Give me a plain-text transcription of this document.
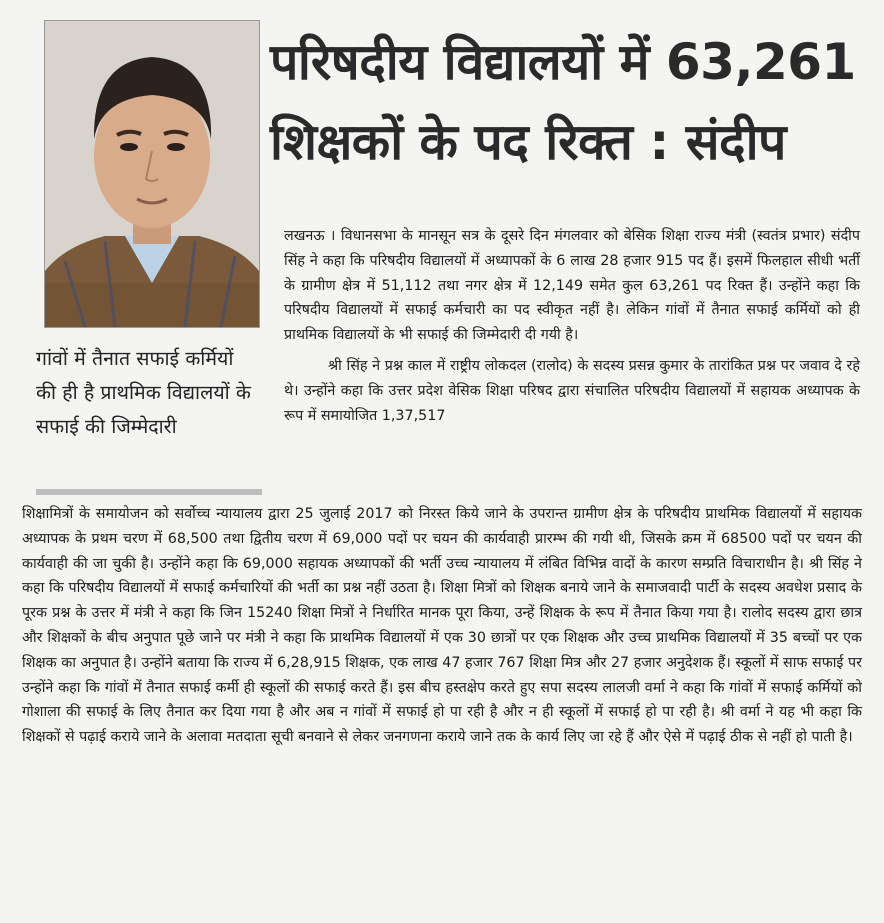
गांवों में तैनात सफाई कर्मियों की ही है प्राथमिक विद्यालयों के सफाई की जिम्मेदारी
परिषदीय विद्यालयों में 63,261
शिक्षकों के पद रिक्त : संदीप

लखनऊ । विधानसभा के मानसून सत्र के दूसरे दिन मंगलवार को बेसिक शिक्षा राज्य मंत्री (स्वतंत्र प्रभार) संदीप सिंह ने कहा कि परिषदीय विद्यालयों में अध्यापकों के 6 लाख 28 हजार 915 पद हैं। इसमें फिलहाल सीधी भर्ती के ग्रामीण क्षेत्र में 51,112 तथा नगर क्षेत्र में 12,149 समेत कुल 63,261 पद रिक्त हैं। उन्होंने कहा कि परिषदीय विद्यालयों में सफाई कर्मचारी का पद स्वीकृत नहीं है। लेकिन गांवों में तैनात सफाई कर्मियों को ही प्राथमिक विद्यालयों के भी सफाई की जिम्मेदारी दी गयी है।

श्री सिंह ने प्रश्न काल में राष्ट्रीय लोकदल (रालोद) के सदस्य प्रसन्न कुमार के तारांकित प्रश्न पर जवाव दे रहे थे। उन्होंने कहा कि उत्तर प्रदेश वेसिक शिक्षा परिषद द्वारा संचालित परिषदीय विद्यालयों में सहायक अध्यापक के रूप में समायोजित 1,37,517

शिक्षामित्रों के समायोजन को सर्वोच्च न्यायालय द्वारा 25 जुलाई 2017 को निरस्त किये जाने के उपरान्त ग्रामीण क्षेत्र के परिषदीय प्राथमिक विद्यालयों में सहायक अध्यापक के प्रथम चरण में 68,500 तथा द्वितीय चरण में 69,000 पदों पर चयन की कार्यवाही प्रारम्भ की गयी थी, जिसके क्रम में 68500 पदों पर चयन की कार्यवाही की जा चुकी है। उन्होंने कहा कि 69,000 सहायक अध्यापकों की भर्ती उच्च न्यायालय में लंबित विभिन्न वादों के कारण सम्प्रति विचाराधीन है। श्री सिंह ने कहा कि परिषदीय विद्यालयों में सफाई कर्मचारियों की भर्ती का प्रश्न नहीं उठता है। शिक्षा मित्रों को शिक्षक बनाये जाने के समाजवादी पार्टी के सदस्य अवधेश प्रसाद के पूरक प्रश्न के उत्तर में मंत्री ने कहा कि जिन 15240 शिक्षा मित्रों ने निर्धारित मानक पूरा किया, उन्हें शिक्षक के रूप में तैनात किया गया है। रालोद सदस्य द्वारा छात्र और शिक्षकों के बीच अनुपात पूछे जाने पर मंत्री ने कहा कि प्राथमिक विद्यालयों में एक 30 छात्रों पर एक शिक्षक और उच्च प्राथमिक विद्यालयों में 35 बच्चों पर एक शिक्षक का अनुपात है। उन्होंने बताया कि राज्य में 6,28,915 शिक्षक, एक लाख 47 हजार 767 शिक्षा मित्र और 27 हजार अनुदेशक हैं। स्कूलों में साफ सफाई पर उन्होंने कहा कि गांवों में तैनात सफाई कर्मी ही स्कूलों की सफाई करते हैं। इस बीच हस्तक्षेप करते हुए सपा सदस्य लालजी वर्मा ने कहा कि गांवों में सफाई कर्मियों को गोशाला की सफाई के लिए तैनात कर दिया गया है और अब न गांवों में सफाई हो पा रही है और न ही स्कूलों में सफाई हो पा रही है। श्री वर्मा ने यह भी कहा कि शिक्षकों से पढ़ाई कराये जाने के अलावा मतदाता सूची बनवाने से लेकर जनगणना कराये जाने तक के कार्य लिए जा रहे हैं और ऐसे में पढ़ाई ठीक से नहीं हो पाती है।
